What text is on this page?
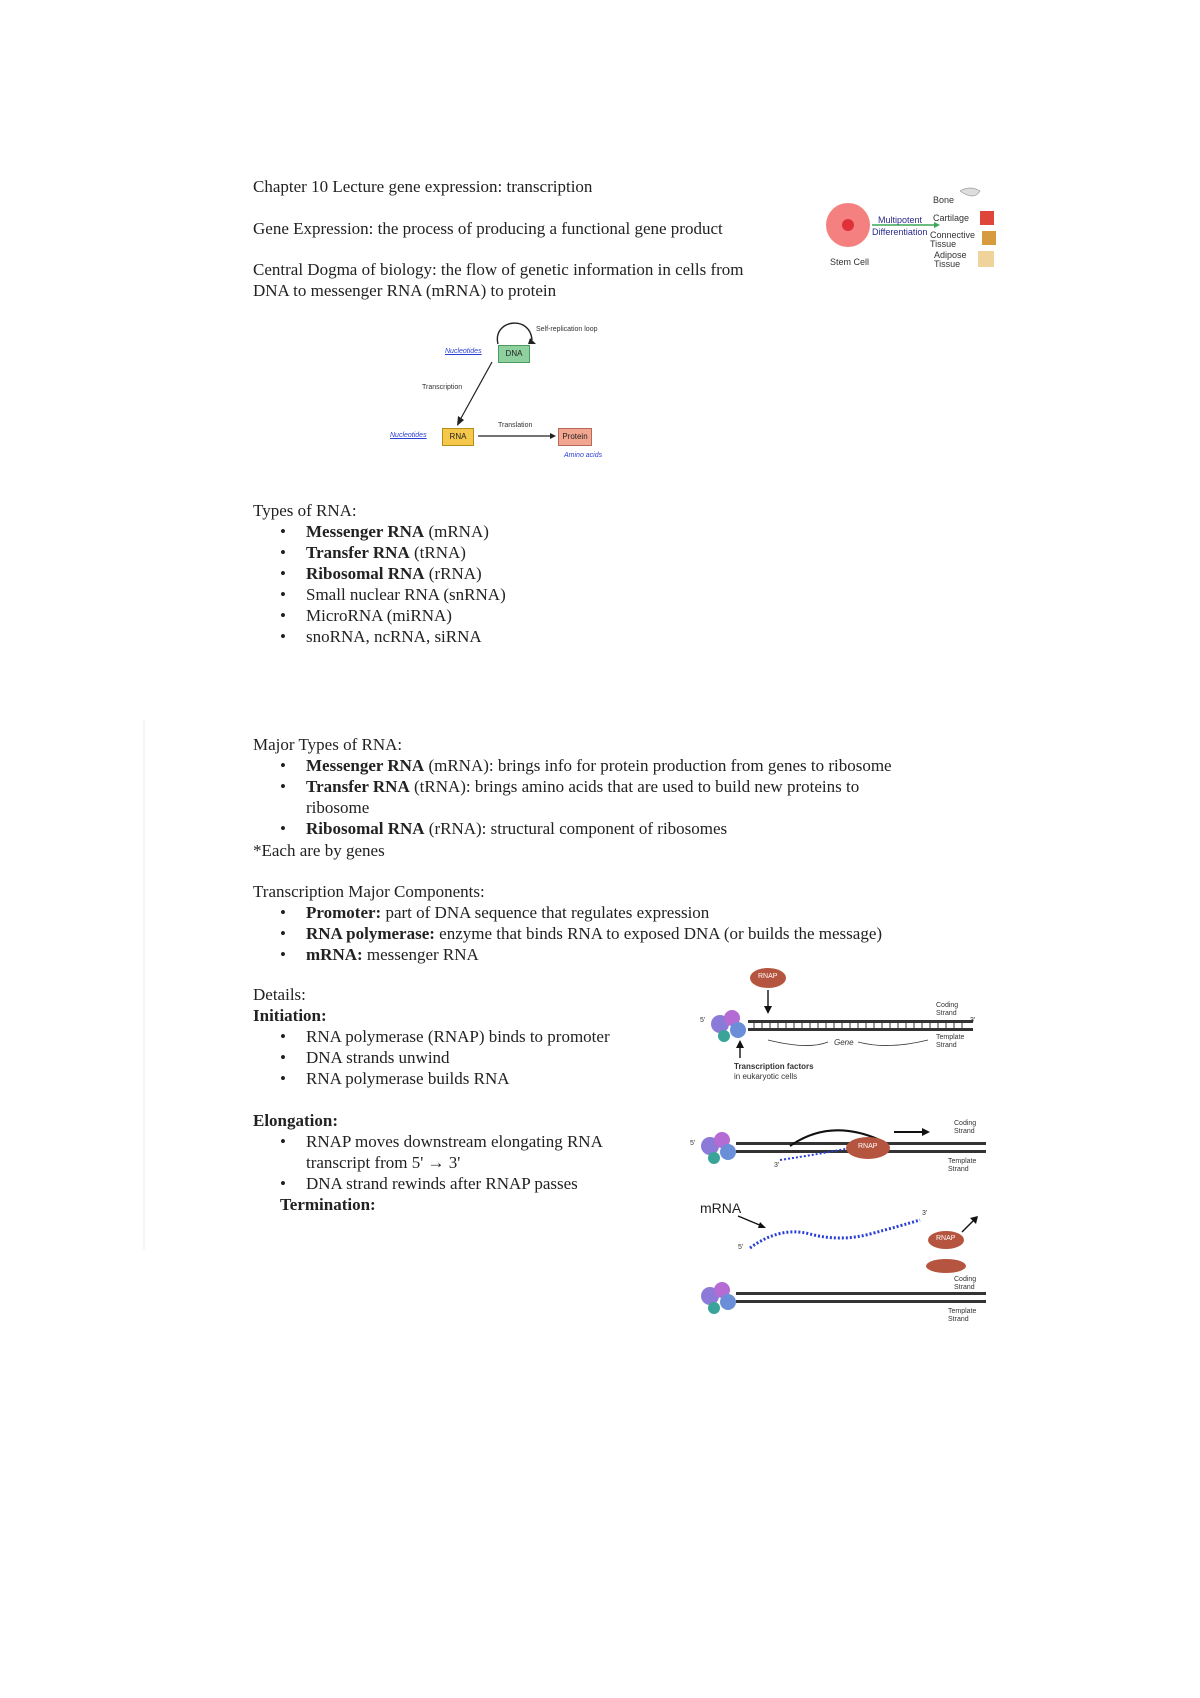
Chapter 10 Lecture gene expression: transcription
Gene Expression: the process of producing a functional gene product
Central Dogma of biology: the flow of genetic information in cells from
DNA to messenger RNA (mRNA) to protein
Bone
Cartilage
Connective Tissue
Adipose Tissue
Multipotent
Differentiation
Stem Cell
DNA
RNA	Protein
Self-replication loop
Transcription
Translation
Nucleotides
Nucleotides
Amino acids
Types of RNA:
• Messenger RNA (mRNA)
• Transfer RNA (tRNA)
• Ribosomal RNA (rRNA)
• Small nuclear RNA (snRNA)
• MicroRNA (miRNA)
• snoRNA, ncRNA, siRNA
Major Types of RNA:
• Messenger RNA (mRNA): brings info for protein production from genes to ribosome
• Transfer RNA (tRNA): brings amino acids that are used to build new proteins to ribosome
• Ribosomal RNA (rRNA): structural component of ribosomes
*Each are by genes
Transcription Major Components:
• Promoter: part of DNA sequence that regulates expression
• RNA polymerase: enzyme that binds RNA to exposed DNA (or builds the message)
• mRNA: messenger RNA
Details:
Initiation:
• RNA polymerase (RNAP) binds to promoter
• DNA strands unwind
• RNA polymerase builds RNA
Elongation:
• RNAP moves downstream elongating RNA transcript from 5' → 3'
• DNA strand rewinds after RNAP passes
Termination:
RNAP
Gene
Coding Strand
Template Strand
Transcription factors
in eukaryotic cells
5'	3'
RNAP
Coding Strand
Template Strand
5'
3'
mRNA
RNAP
Coding Strand
Template Strand
5'
3'
